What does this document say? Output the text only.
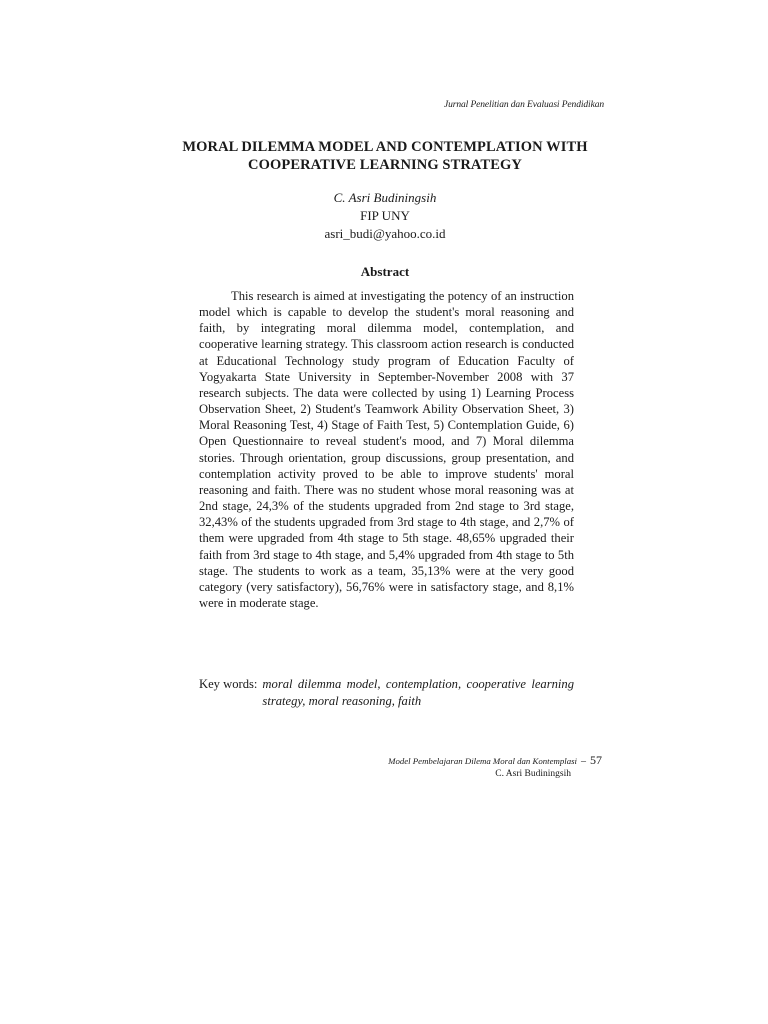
Jurnal Penelitian dan Evaluasi Pendidikan
MORAL DILEMMA MODEL AND CONTEMPLATION WITH
COOPERATIVE LEARNING STRATEGY
C. Asri Budiningsih
FIP UNY
asri_budi@yahoo.co.id
Abstract

This research is aimed at investigating the potency of an instruction model which is capable to develop the student's moral reasoning and faith, by integrating moral dilemma model, contemplation, and cooperative learning strategy. This classroom action research is conducted at Educational Technology study program of Education Faculty of Yogyakarta State University in September-November 2008 with 37 research subjects. The data were collected by using 1) Learning Process Observation Sheet, 2) Student's Teamwork Ability Observation Sheet, 3) Moral Reasoning Test, 4) Stage of Faith Test, 5) Contemplation Guide, 6) Open Questionnaire to reveal student's mood, and 7) Moral dilemma stories. Through orientation, group discussions, group presentation, and contemplation activity proved to be able to improve students' moral reasoning and faith. There was no student whose moral reasoning was at 2nd stage, 24,3% of the students upgraded from 2nd stage to 3rd stage, 32,43% of the students upgraded from 3rd stage to 4th stage, and 2,7% of them were upgraded from 4th stage to 5th stage. 48,65% upgraded their faith from 3rd stage to 4th stage, and 5,4% upgraded from 4th stage to 5th stage. The students to work as a team, 35,13% were at the very good category (very satisfactory), 56,76% were in satisfactory stage, and 8,1% were in moderate stage.

Key words: moral dilemma model, contemplation, cooperative learning strategy, moral reasoning, faith
Model Pembelajaran Dilema Moral dan Kontemplasi – 57
C. Asri Budiningsih
